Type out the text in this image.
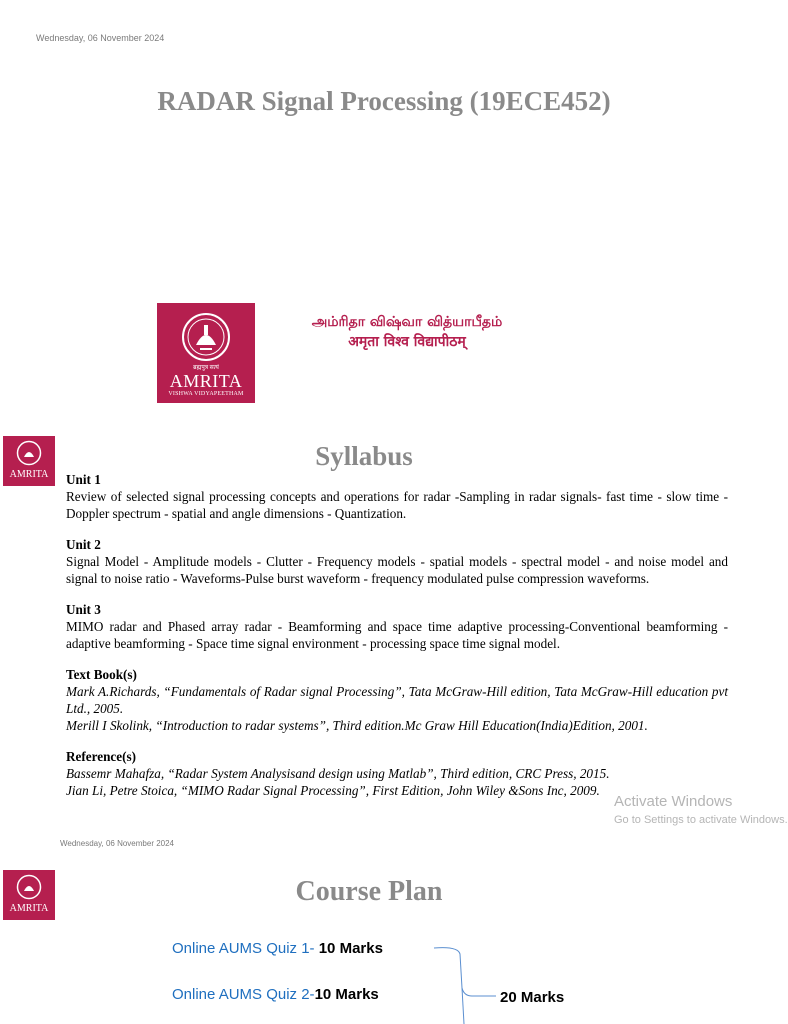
Wednesday, 06 November 2024
RADAR Signal Processing (19ECE452)
ब्रह्मपुत्र सत्यं
AMRITA
VISHWA VIDYAPEETHAM
அம்ரிதா விஷ்வா வித்யாபீதம்
अमृता विश्व विद्यापीठम्
AMRITA
Syllabus
Unit 1
Review of selected signal processing concepts and operations for radar -Sampling in radar signals- fast time - slow time - Doppler spectrum - spatial and angle dimensions - Quantization.
Unit 2
Signal Model - Amplitude models - Clutter - Frequency models - spatial models - spectral model - and noise model and signal to noise ratio - Waveforms-Pulse burst waveform - frequency modulated pulse compression waveforms.
Unit 3
MIMO radar and Phased array radar - Beamforming and space time adaptive processing-Conventional beamforming - adaptive beamforming - Space time signal environment - processing space time signal model.
Text Book(s)
Mark A.Richards, “Fundamentals of Radar signal Processing”, Tata McGraw-Hill edition, Tata McGraw-Hill education pvt Ltd., 2005.
Merill I Skolink, “Introduction to radar systems”, Third edition.Mc Graw Hill Education(India)Edition, 2001.
Reference(s)
Bassemr Mahafza, “Radar System Analysisand design using Matlab”, Third edition, CRC Press, 2015.
Jian Li, Petre Stoica, “MIMO Radar Signal Processing”, First Edition, John Wiley &Sons Inc, 2009.
Activate Windows
Go to Settings to activate Windows.
Wednesday, 06 November 2024
AMRITA
Course Plan
Online AUMS Quiz 1- 10 Marks
Online AUMS Quiz 2-10 Marks	20 Marks
